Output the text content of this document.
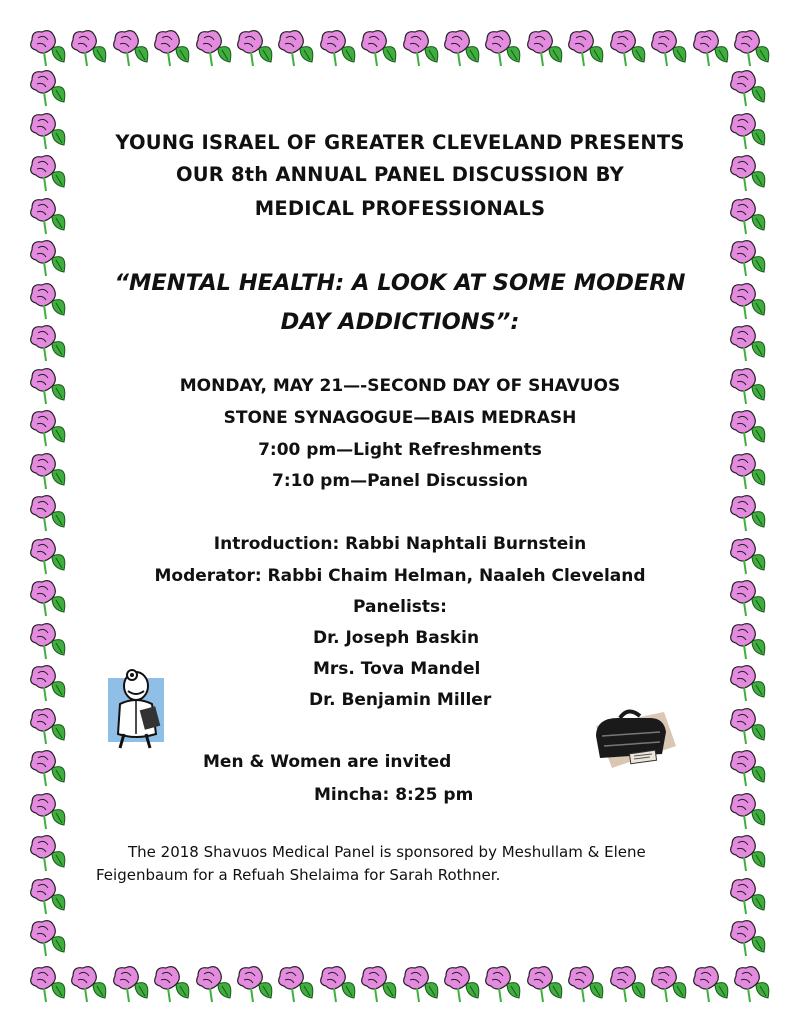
YOUNG ISRAEL OF GREATER CLEVELAND PRESENTS
OUR 8th ANNUAL PANEL DISCUSSION BY
MEDICAL PROFESSIONALS
“MENTAL HEALTH: A LOOK AT SOME MODERN
DAY ADDICTIONS”:
MONDAY, MAY 21—-SECOND DAY OF SHAVUOS
STONE SYNAGOGUE—BAIS MEDRASH
7:00 pm—Light Refreshments
7:10 pm—Panel Discussion
Introduction: Rabbi Naphtali Burnstein
Moderator: Rabbi Chaim Helman, Naaleh Cleveland
Panelists:
Dr. Joseph Baskin
Mrs. Tova Mandel
Dr. Benjamin Miller
Men & Women are invited
Mincha: 8:25 pm
The 2018 Shavuos Medical Panel is sponsored by Meshullam & Elene
Feigenbaum for a Refuah Shelaima for Sarah Rothner.
